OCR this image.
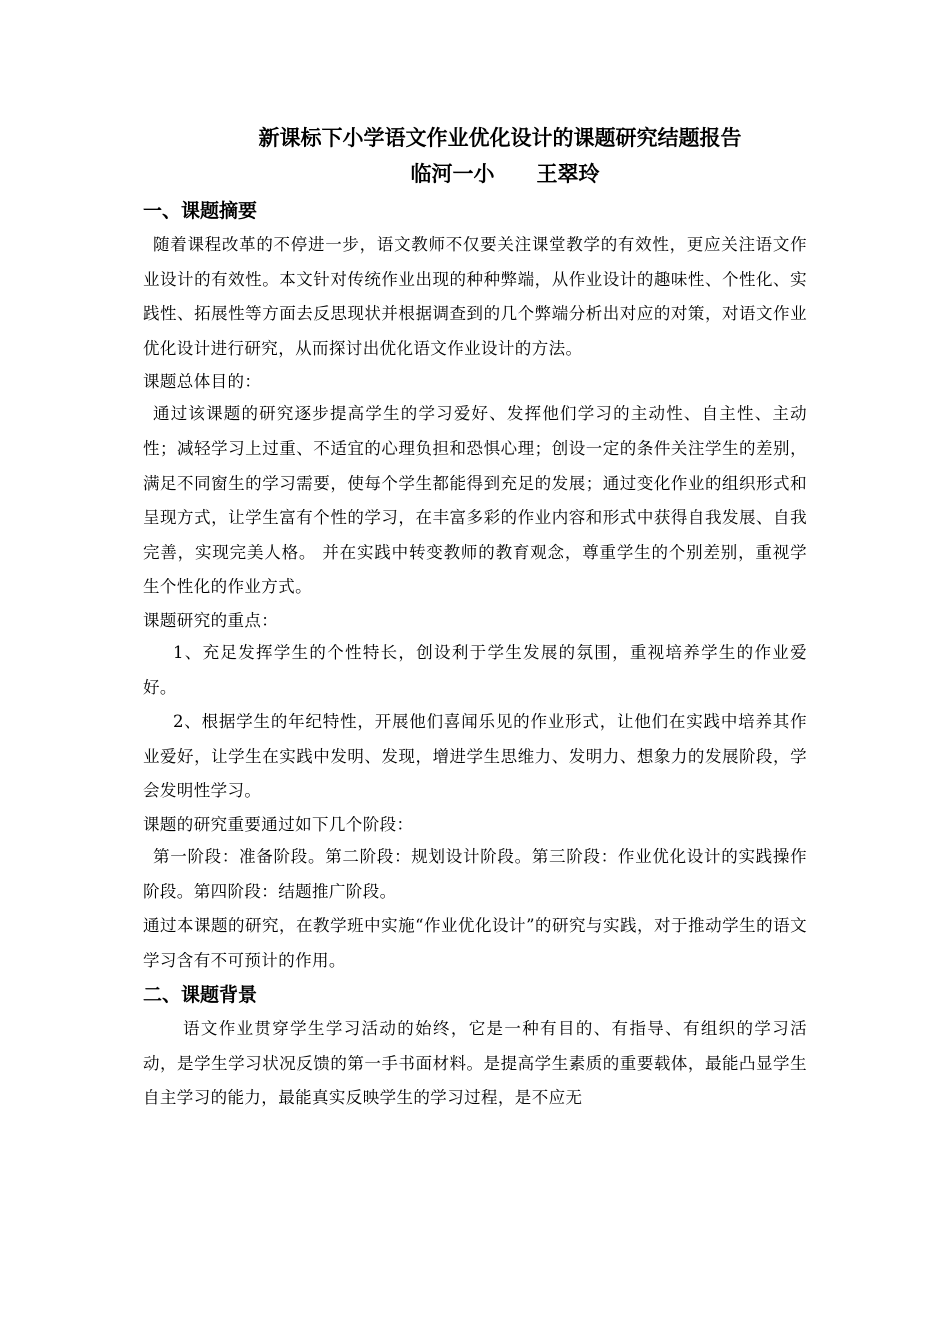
新课标下小学语文作业优化设计的课题研究结题报告

临河一小　　王翠玲

一、课题摘要

随着课程改革的不停进一步，语文教师不仅要关注课堂教学的有效性，更应关注语文作业设计的有效性。本文针对传统作业出现的种种弊端，从作业设计的趣味性、个性化、实践性、拓展性等方面去反思现状并根据调查到的几个弊端分析出对应的对策，对语文作业优化设计进行研究，从而探讨出优化语文作业设计的方法。

课题总体目的：

通过该课题的研究逐步提高学生的学习爱好、发挥他们学习的主动性、自主性、主动性；减轻学习上过重、不适宜的心理负担和恐惧心理；创设一定的条件关注学生的差别，满足不同窗生的学习需要，使每个学生都能得到充足的发展；通过变化作业的组织形式和呈现方式，让学生富有个性的学习，在丰富多彩的作业内容和形式中获得自我发展、自我完善，实现完美人格。 并在实践中转变教师的教育观念，尊重学生的个别差别，重视学生个性化的作业方式。

课题研究的重点：

1、充足发挥学生的个性特长，创设利于学生发展的氛围，重视培养学生的作业爱好。

2、根据学生的年纪特性，开展他们喜闻乐见的作业形式，让他们在实践中培养其作业爱好，让学生在实践中发明、发现，增进学生思维力、发明力、想象力的发展阶段，学会发明性学习。

课题的研究重要通过如下几个阶段：

第一阶段：准备阶段。第二阶段：规划设计阶段。第三阶段：作业优化设计的实践操作阶段。第四阶段：结题推广阶段。

通过本课题的研究，在教学班中实施“作业优化设计”的研究与实践，对于推动学生的语文学习含有不可预计的作用。

二、课题背景

语文作业贯穿学生学习活动的始终，它是一种有目的、有指导、有组织的学习活动，是学生学习状况反馈的第一手书面材料。是提高学生素质的重要载体，最能凸显学生自主学习的能力，最能真实反映学生的学习过程，是不应无
